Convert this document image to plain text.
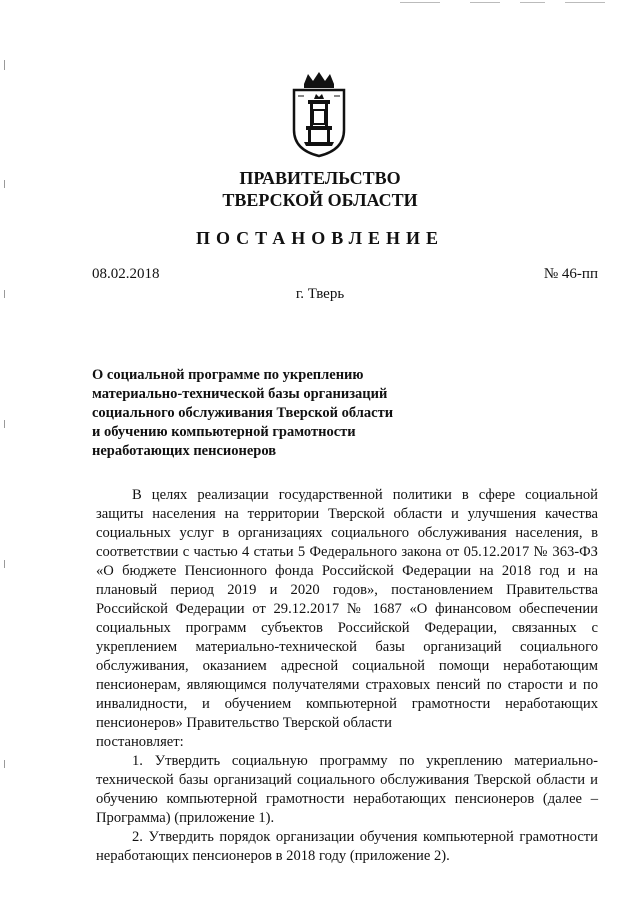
ПРАВИТЕЛЬСТВО
ТВЕРСКОЙ ОБЛАСТИ
ПОСТАНОВЛЕНИЕ
08.02.2018	№ 46-пп
г. Тверь
О социальной программе по укреплению
материально-технической базы организаций
социального обслуживания Тверской области
и обучению компьютерной грамотности
неработающих пенсионеров

В целях реализации государственной политики в сфере социальной защиты населения на территории Тверской области и улучшения качества социальных услуг в организациях социального обслуживания населения, в соответствии с частью 4 статьи 5 Федерального закона от 05.12.2017 № 363-ФЗ «О бюджете Пенсионного фонда Российской Федерации на 2018 год и на плановый период 2019 и 2020 годов», постановлением Правительства Российской Федерации от 29.12.2017 № 1687 «О финансовом обеспечении социальных программ субъектов Российской Федерации, связанных с укреплением материально-технической базы организаций социального обслуживания, оказанием адресной социальной помощи неработающим пенсионерам, являющимся получателями страховых пенсий по старости и по инвалидности, и обучением компьютерной грамотности неработающих пенсионеров» Правительство Тверской области

постановляет:

1. Утвердить социальную программу по укреплению материально-технической базы организаций социального обслуживания Тверской области и обучению компьютерной грамотности неработающих пенсионеров (далее – Программа) (приложение 1).

2. Утвердить порядок организации обучения компьютерной грамотности неработающих пенсионеров в 2018 году (приложение 2).
